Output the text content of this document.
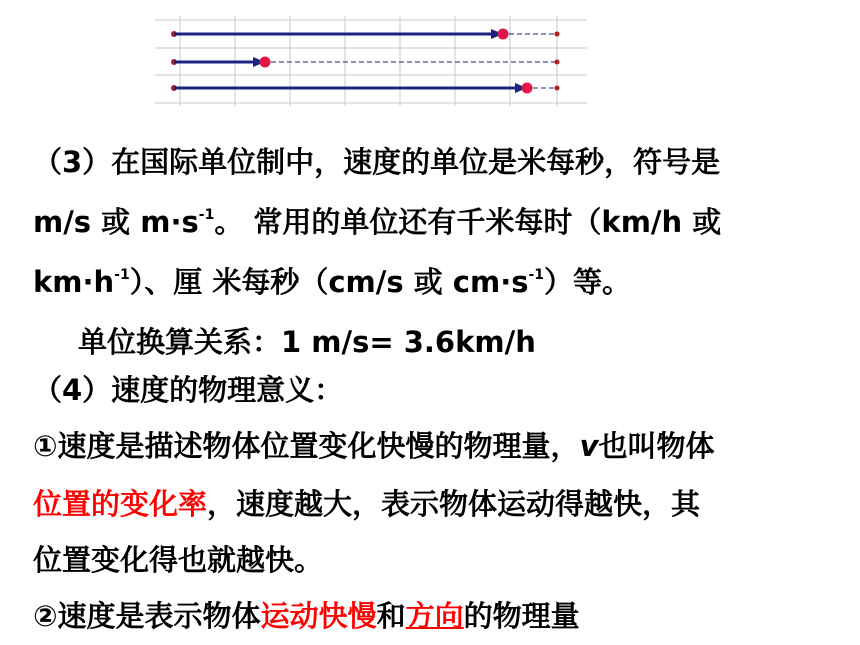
（3）在国际单位制中，速度的单位是米每秒，符号是

m/s 或 $m\cdot s^{-1}$。 常用的单位还有千米每时（km/h 或

$km\cdot h^{-1}$）、厘 米每秒（cm/s 或 $cm\cdot s^{-1}$）等。

单位换算关系：1 m/s= 3.6km/h

（4）速度的物理意义：

①速度是描述物体位置变化快慢的物理量，v也叫物体

位置的变化率，速度越大，表示物体运动得越快，其

位置变化得也就越快。

②速度是表示物体运动快慢和方向的物理量
